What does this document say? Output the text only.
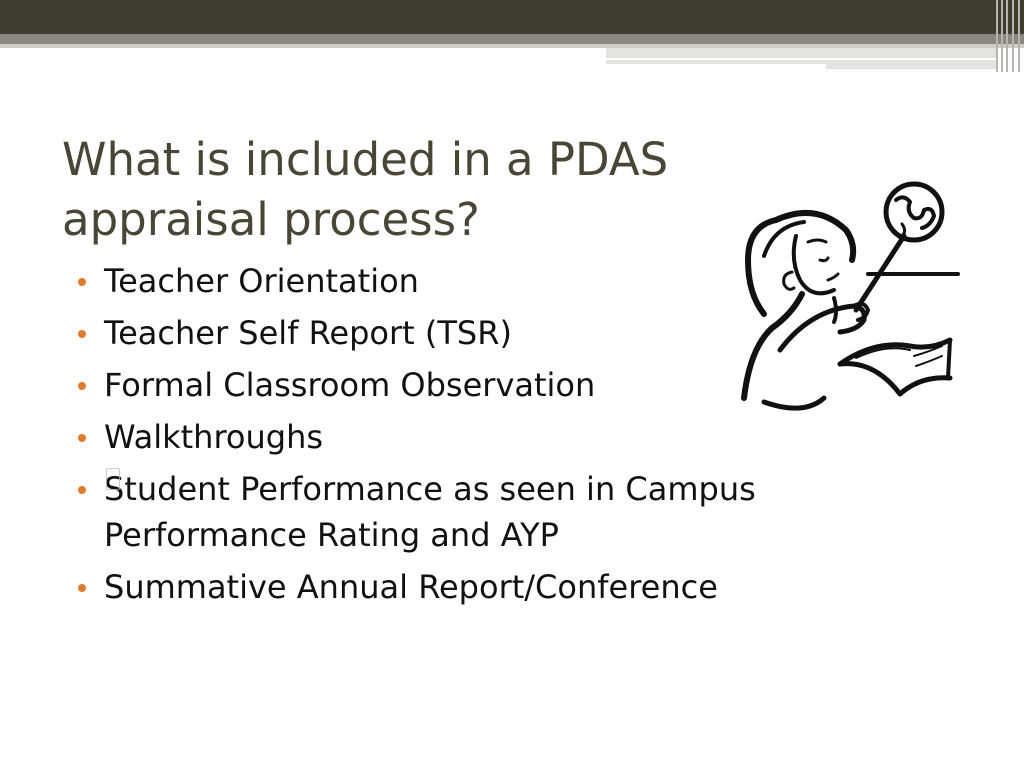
What is included in a PDAS appraisal process?
Teacher Orientation
Teacher Self Report (TSR)
Formal Classroom Observation
Walkthroughs
Student Performance as seen in Campus Performance Rating and AYP
Summative Annual Report/Conference
